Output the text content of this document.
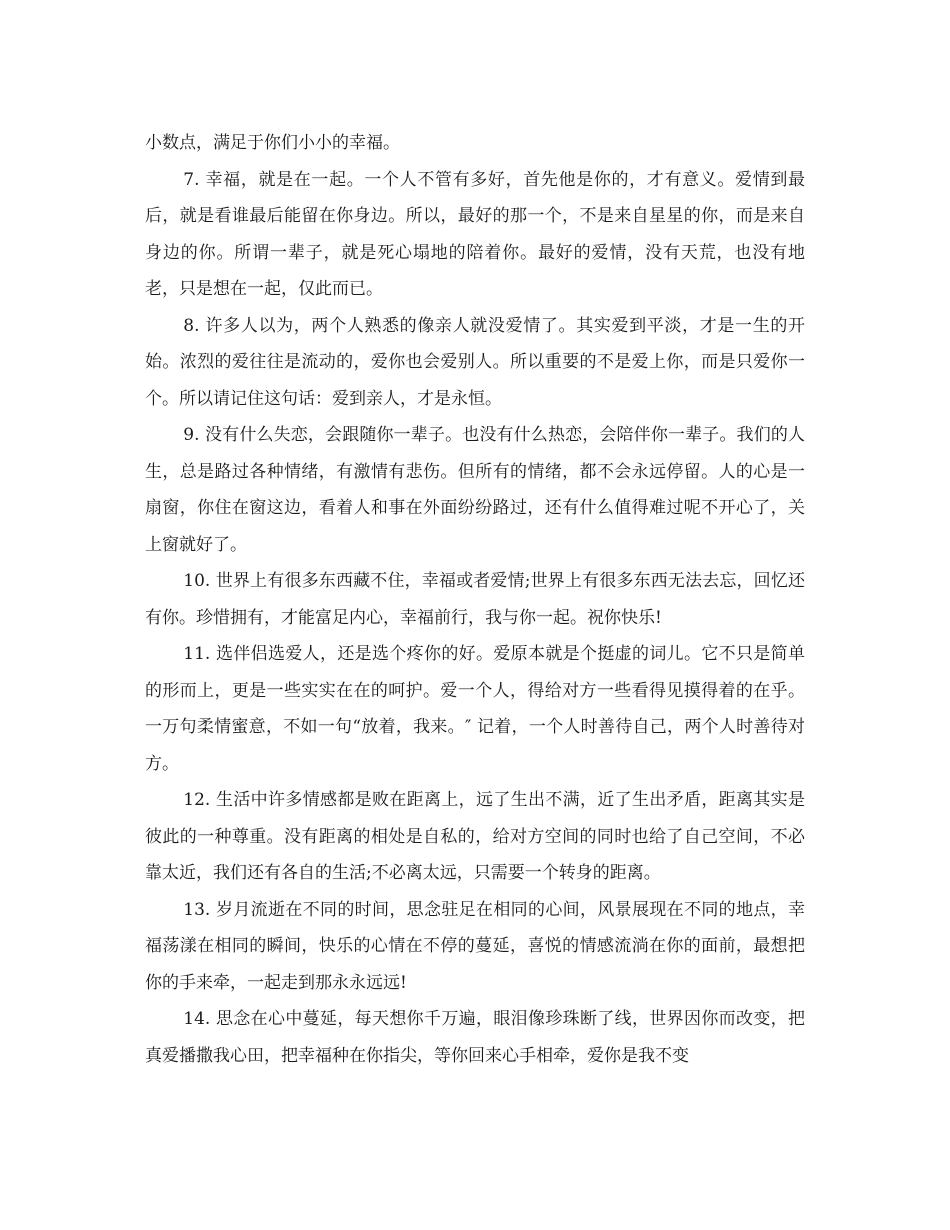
小数点，满足于你们小小的幸福。

7. 幸福，就是在一起。一个人不管有多好，首先他是你的，才有意义。爱情到最后，就是看谁最后能留在你身边。所以，最好的那一个，不是来自星星的你，而是来自身边的你。所谓一辈子，就是死心塌地的陪着你。最好的爱情，没有天荒，也没有地老，只是想在一起，仅此而已。

8. 许多人以为，两个人熟悉的像亲人就没爱情了。其实爱到平淡，才是一生的开始。浓烈的爱往往是流动的，爱你也会爱别人。所以重要的不是爱上你，而是只爱你一个。所以请记住这句话：爱到亲人，才是永恒。

9. 没有什么失恋，会跟随你一辈子。也没有什么热恋，会陪伴你一辈子。我们的人生，总是路过各种情绪，有激情有悲伤。但所有的情绪，都不会永远停留。人的心是一扇窗，你住在窗这边，看着人和事在外面纷纷路过，还有什么值得难过呢不开心了，关上窗就好了。

10. 世界上有很多东西藏不住，幸福或者爱情;世界上有很多东西无法去忘，回忆还有你。珍惜拥有，才能富足内心，幸福前行，我与你一起。祝你快乐!

11. 选伴侣选爱人，还是选个疼你的好。爱原本就是个挺虚的词儿。它不只是简单的形而上，更是一些实实在在的呵护。爱一个人，得给对方一些看得见摸得着的在乎。一万句柔情蜜意，不如一句“放着，我来。″ 记着，一个人时善待自己，两个人时善待对方。

12. 生活中许多情感都是败在距离上，远了生出不满，近了生出矛盾，距离其实是彼此的一种尊重。没有距离的相处是自私的，给对方空间的同时也给了自己空间，不必靠太近，我们还有各自的生活;不必离太远，只需要一个转身的距离。

13. 岁月流逝在不同的时间，思念驻足在相同的心间，风景展现在不同的地点，幸福荡漾在相同的瞬间，快乐的心情在不停的蔓延，喜悦的情感流淌在你的面前，最想把你的手来牵，一起走到那永永远远!

14. 思念在心中蔓延，每天想你千万遍，眼泪像珍珠断了线，世界因你而改变，把真爱播撒我心田，把幸福种在你指尖，等你回来心手相牵，爱你是我不变
